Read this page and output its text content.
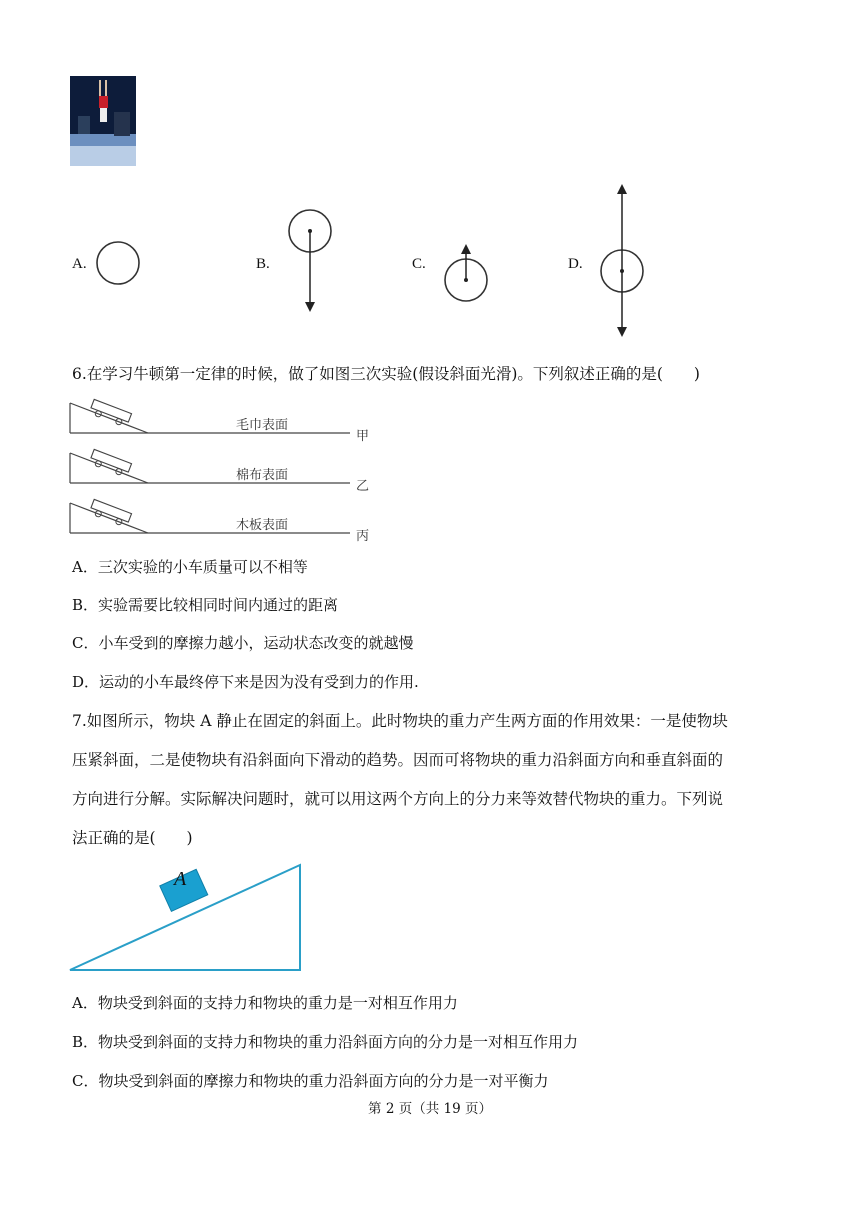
A.	B.	C.	D.
6.在学习牛顿第一定律的时候，做了如图三次实验(假设斜面光滑)。下列叙述正确的是(　　)
毛巾表面
甲
棉布表面
乙
木板表面
丙
A．三次实验的小车质量可以不相等
B．实验需要比较相同时间内通过的距离
C．小车受到的摩擦力越小，运动状态改变的就越慢
D．运动的小车最终停下来是因为没有受到力的作用.
7.如图所示，物块 A 静止在固定的斜面上。此时物块的重力产生两方面的作用效果：一是使物块
压紧斜面，二是使物块有沿斜面向下滑动的趋势。因而可将物块的重力沿斜面方向和垂直斜面的
方向进行分解。实际解决问题时，就可以用这两个方向上的分力来等效替代物块的重力。下列说
法正确的是(　　)
A
A．物块受到斜面的支持力和物块的重力是一对相互作用力
B．物块受到斜面的支持力和物块的重力沿斜面方向的分力是一对相互作用力
C．物块受到斜面的摩擦力和物块的重力沿斜面方向的分力是一对平衡力
第 2 页（共 19 页）
